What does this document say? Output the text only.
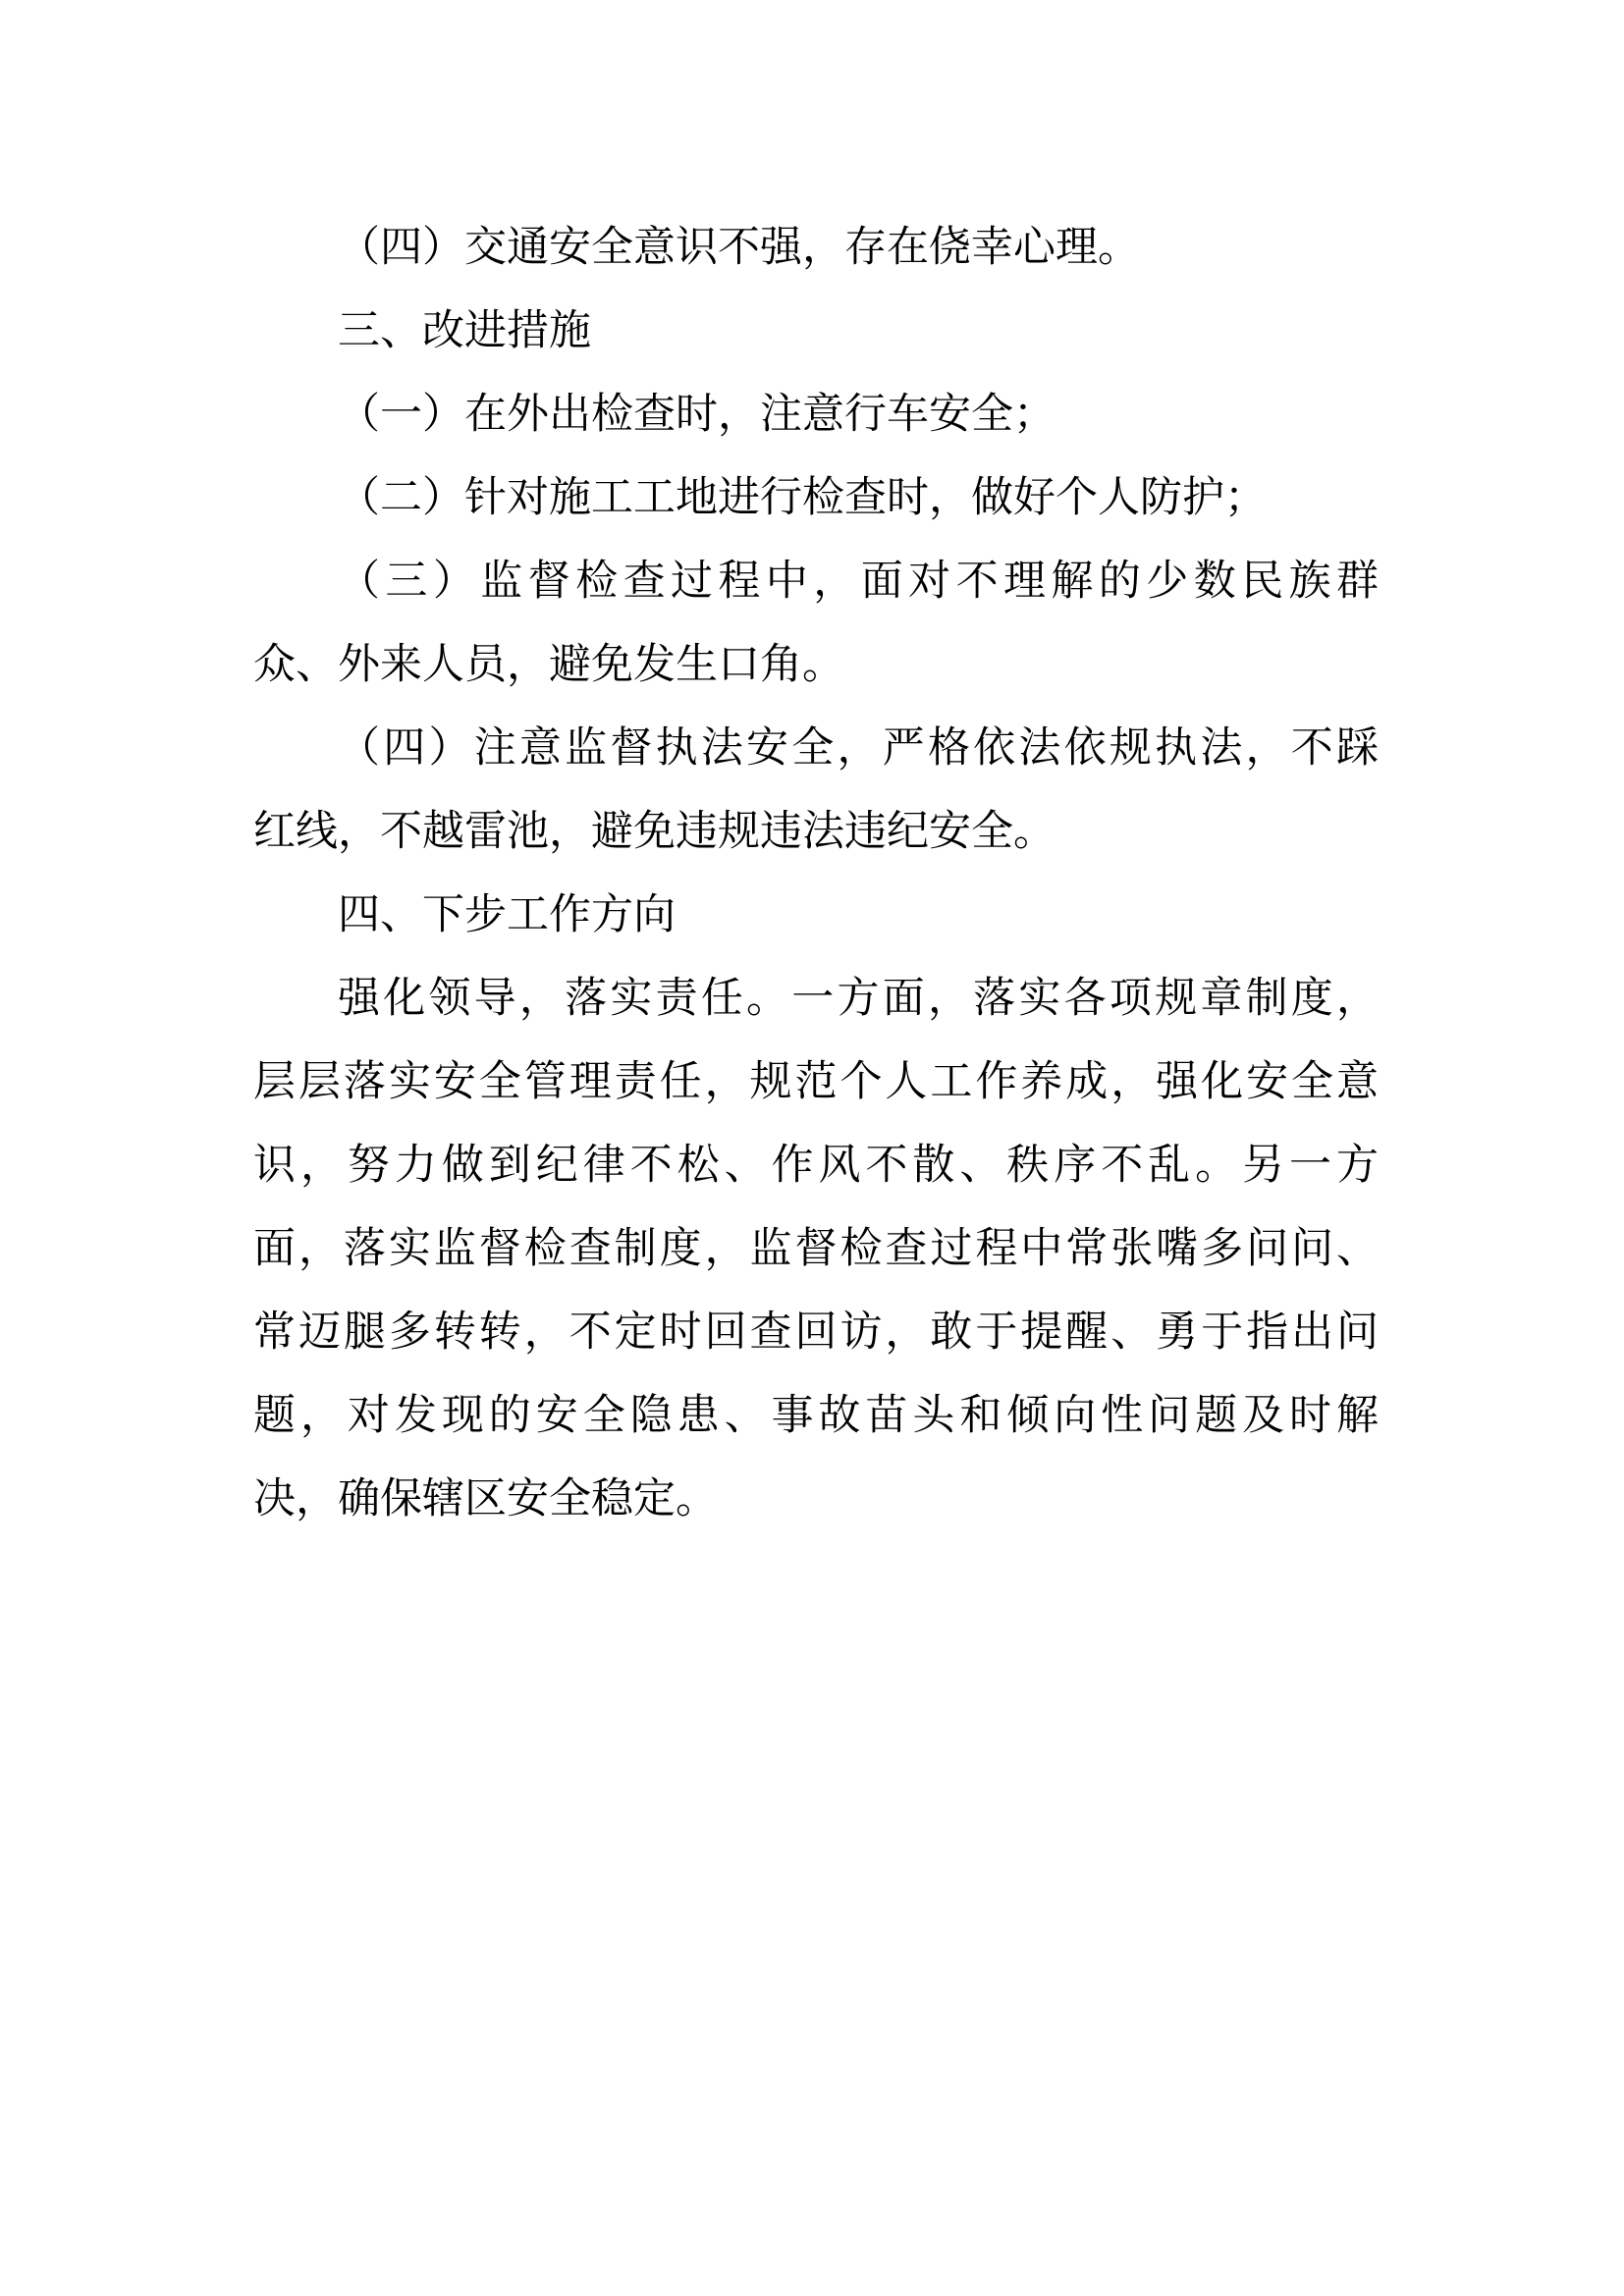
（四）交通安全意识不强，存在侥幸心理。
三、改进措施
（一）在外出检查时，注意行车安全；
（二）针对施工工地进行检查时，做好个人防护；
（三）监督检查过程中，面对不理解的少数民族群
众、外来人员，避免发生口角。
（四）注意监督执法安全，严格依法依规执法，不踩
红线，不越雷池，避免违规违法违纪安全。
四、下步工作方向
强化领导，落实责任。一方面，落实各项规章制度，
层层落实安全管理责任，规范个人工作养成，强化安全意
识，努力做到纪律不松、作风不散、秩序不乱。另一方
面，落实监督检查制度，监督检查过程中常张嘴多问问、
常迈腿多转转，不定时回查回访，敢于提醒、勇于指出问
题，对发现的安全隐患、事故苗头和倾向性问题及时解
决，确保辖区安全稳定。
